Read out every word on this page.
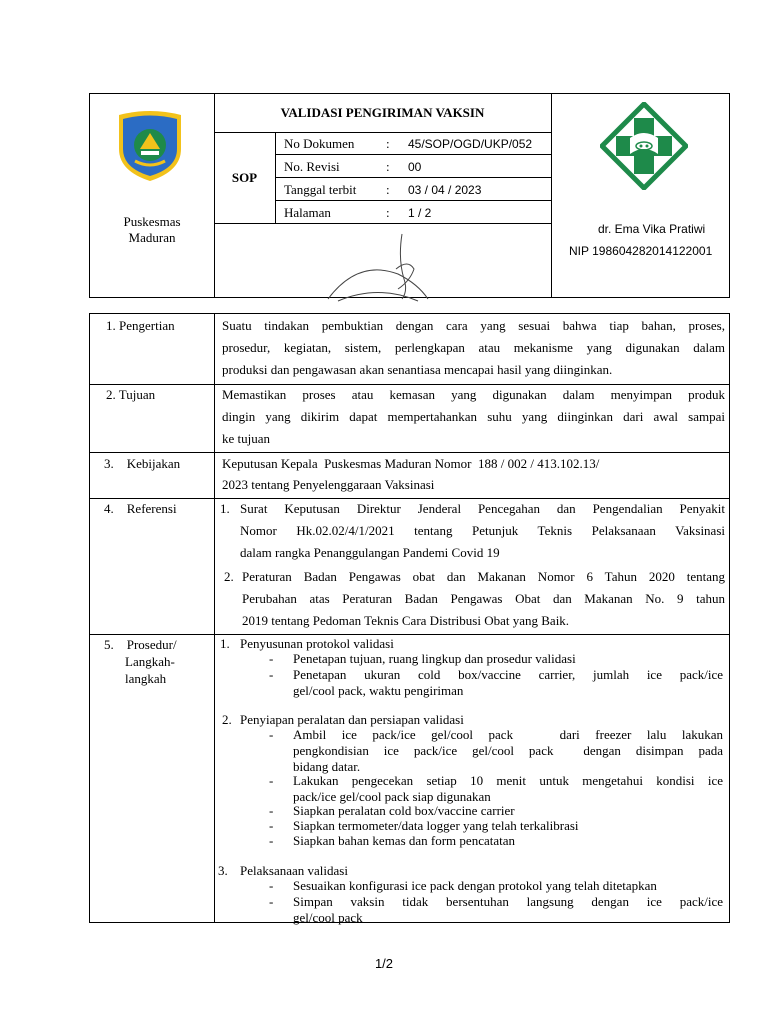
Puskesmas
Maduran
VALIDASI PENGIRIMAN VAKSIN
SOP
No Dokumen : 45/SOP/OGD/UKP/052
No. Revisi	: 00
Tanggal terbit : 03 / 04 / 2023
Halaman	: 1 / 2
dr. Ema Vika Pratiwi
NIP 198604282014122001
1. Pengertian	Suatu tindakan pembuktian dengan cara yang sesuai bahwa tiap bahan, proses,
prosedur, kegiatan, sistem, perlengkapan atau mekanisme yang digunakan dalam
produksi dan pengawasan akan senantiasa mencapai hasil yang diinginkan.
2. Tujuan	Memastikan proses atau kemasan yang digunakan dalam menyimpan produk
dingin yang dikirim dapat mempertahankan suhu yang diinginkan dari awal sampai
ke tujuan
3.    Kebijakan	Keputusan Kepala  Puskesmas Maduran Nomor  188 / 002 / 413.102.13/
2023 tentang Penyelenggaraan Vaksinasi
4.    Referensi	1. Surat Keputusan Direktur Jenderal Pencegahan dan Pengendalian Penyakit
Nomor Hk.02.02/4/1/2021 tentang Petunjuk Teknis Pelaksanaan Vaksinasi
dalam rangka Penanggulangan Pandemi Covid 19
2. Peraturan Badan Pengawas obat dan Makanan Nomor 6 Tahun 2020 tentang
Perubahan atas Peraturan Badan Pengawas Obat dan Makanan No. 9 tahun
2019 tentang Pedoman Teknis Cara Distribusi Obat yang Baik.
5.    Prosedur/
Langkah-
langkah
1. Penyusunan protokol validasi
- Penetapan tujuan, ruang lingkup dan prosedur validasi
- Penetapan ukuran cold box/vaccine carrier, jumlah ice pack/ice
gel/cool pack, waktu pengiriman
2. Penyiapan peralatan dan persiapan validasi
- Ambil ice pack/ice gel/cool pack   dari freezer lalu lakukan
pengkondisian ice pack/ice gel/cool pack  dengan disimpan pada
bidang datar.
- Lakukan pengecekan setiap 10 menit untuk mengetahui kondisi ice
pack/ice gel/cool pack siap digunakan
- Siapkan peralatan cold box/vaccine carrier
- Siapkan termometer/data logger yang telah terkalibrasi
- Siapkan bahan kemas dan form pencatatan
3. Pelaksanaan validasi
- Sesuaikan konfigurasi ice pack dengan protokol yang telah ditetapkan
- Simpan vaksin tidak bersentuhan langsung dengan ice pack/ice
gel/cool pack
1/2
